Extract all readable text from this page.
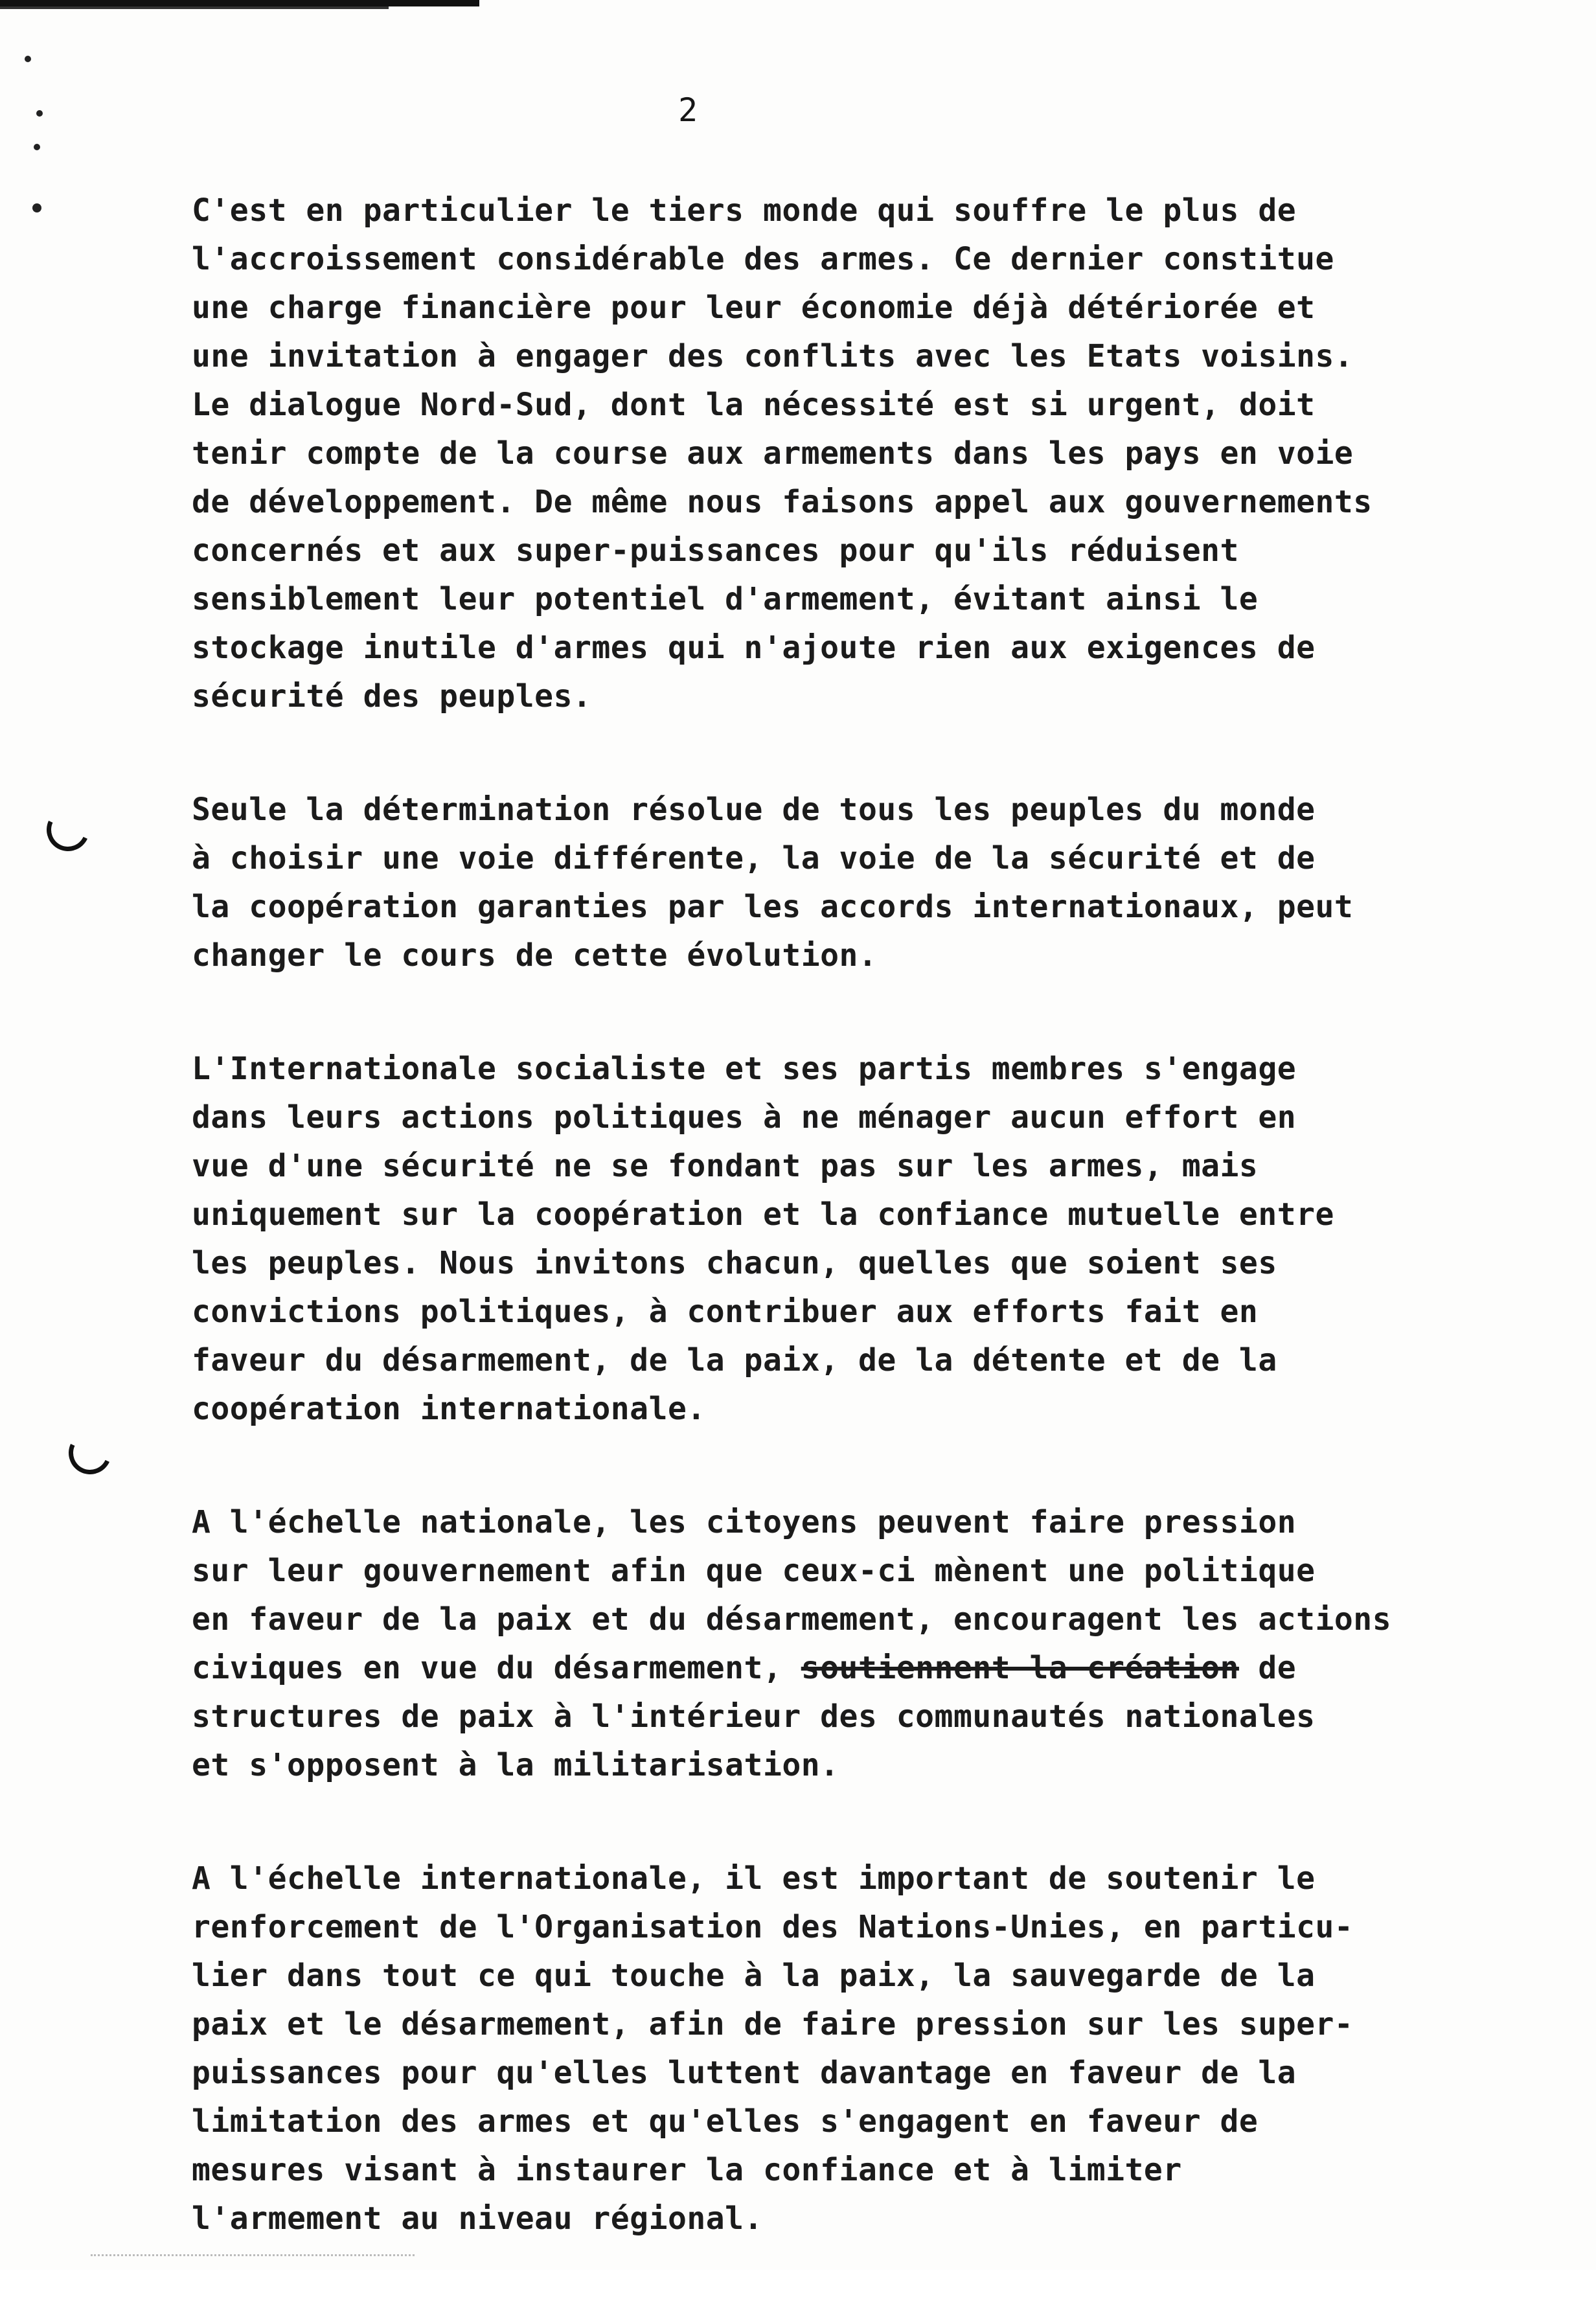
2

C'est en particulier le tiers monde qui souffre le plus de
l'accroissement considérable des armes. Ce dernier constitue
une charge financière pour leur économie déjà détériorée et
une invitation à engager des conflits avec les Etats voisins.
Le dialogue Nord-Sud, dont la nécessité est si urgent, doit
tenir compte de la course aux armements dans les pays en voie
de développement. De même nous faisons appel aux gouvernements
concernés et aux super-puissances pour qu'ils réduisent
sensiblement leur potentiel d'armement, évitant ainsi le
stockage inutile d'armes qui n'ajoute rien aux exigences de
sécurité des peuples.

Seule la détermination résolue de tous les peuples du monde
à choisir une voie différente, la voie de la sécurité et de
la coopération garanties par les accords internationaux, peut
changer le cours de cette évolution.

L'Internationale socialiste et ses partis membres s'engage
dans leurs actions politiques à ne ménager aucun effort en
vue d'une sécurité ne se fondant pas sur les armes, mais
uniquement sur la coopération et la confiance mutuelle entre
les peuples. Nous invitons chacun, quelles que soient ses
convictions politiques, à contribuer aux efforts fait en
faveur du désarmement, de la paix, de la détente et de la
coopération internationale.

A l'échelle nationale, les citoyens peuvent faire pression
sur leur gouvernement afin que ceux-ci mènent une politique
en faveur de la paix et du désarmement, encouragent les actions
civiques en vue du désarmement, soutiennent la création de
structures de paix à l'intérieur des communautés nationales
et s'opposent à la militarisation.

A l'échelle internationale, il est important de soutenir le
renforcement de l'Organisation des Nations-Unies, en particu-
lier dans tout ce qui touche à la paix, la sauvegarde de la
paix et le désarmement, afin de faire pression sur les super-
puissances pour qu'elles luttent davantage en faveur de la
limitation des armes et qu'elles s'engagent en faveur de
mesures visant à instaurer la confiance et à limiter
l'armement au niveau régional.
